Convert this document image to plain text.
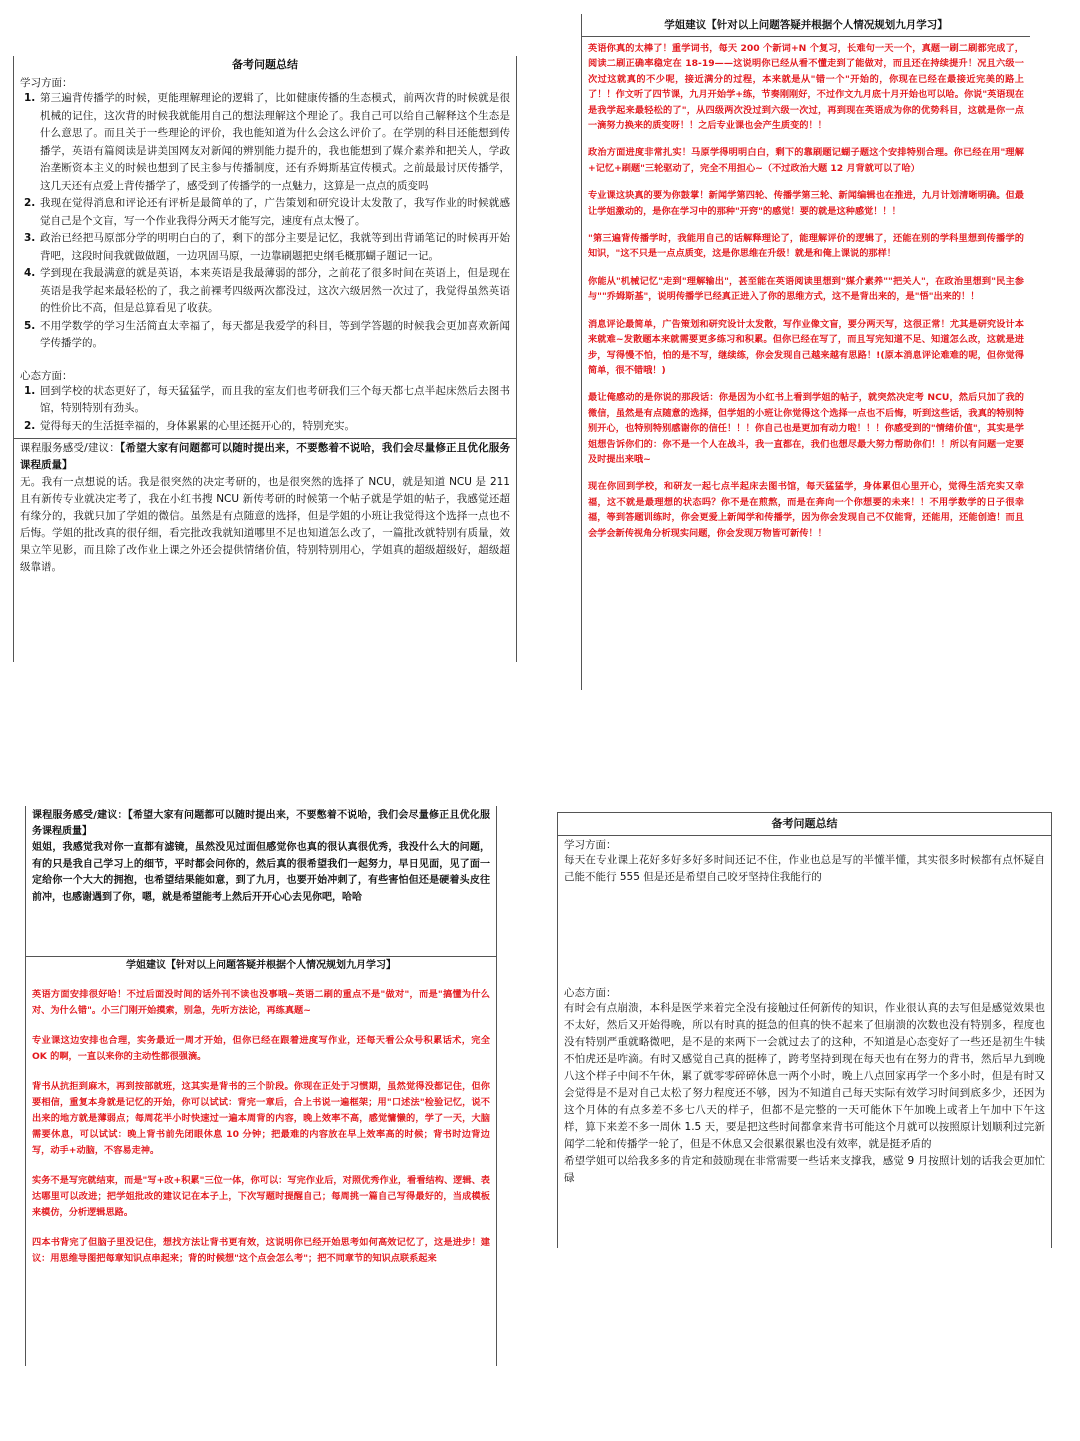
备考问题总结
学习方面：
1. 第三遍背传播学的时候，更能理解理论的逻辑了，比如健康传播的生态模式，前两次背的时候就是很机械的记住，这次背的时候我就能用自己的想法理解这个理论了。我自己可以给自己解释这个生态是什么意思了。而且关于一些理论的评价，我也能知道为什么会这么评价了。在学别的科目还能想到传播学，英语有篇阅读是讲美国网友对新闻的辨别能力提升的，我也能想到了媒介素养和把关人，学政治垄断资本主义的时候也想到了民主参与传播制度，还有乔姆斯基宣传模式。之前最最讨厌传播学，这几天还有点爱上背传播学了，感受到了传播学的一点魅力，这算是一点点的质变吗
2. 我现在觉得消息和评论还有评析是最简单的了，广告策划和研究设计太发散了，我写作业的时候就感觉自己是个文盲，写一个作业我得分两天才能写完，速度有点太慢了。
3. 政治已经把马原部分学的明明白白的了，剩下的部分主要是记忆，我就等到出背诵笔记的时候再开始背吧，这段时间我就做做题，一边巩固马原，一边靠刷题把史纲毛概那蝴子题记一记。
4. 学到现在我最满意的就是英语，本来英语是我最薄弱的部分，之前花了很多时间在英语上，但是现在英语是我学起来最轻松的了，我之前裸考四级两次都没过，这次六级居然一次过了，我觉得虽然英语的性价比不高，但是总算看见了收获。
5. 不用学数学的学习生活简直太幸福了，每天都是我爱学的科目，等到学答题的时候我会更加喜欢新闻学传播学的。
心态方面：
1. 回到学校的状态更好了，每天猛猛学，而且我的室友们也考研我们三个每天都七点半起床然后去图书馆，特别特别有劲头。
2. 觉得每天的生活挺幸福的，身体累累的心里还挺开心的，特别充实。

课程服务感受/建议：【希望大家有问题都可以随时提出来，不要憋着不说哈，我们会尽量修正且优化服务课程质量】

无。我有一点想说的话。我是很突然的决定考研的，也是很突然的选择了 NCU，就是知道 NCU 是 211 且有新传专业就决定考了，我在小红书搜 NCU 新传考研的时候第一个帖子就是学姐的帖子，我感觉还超有缘分的，我就只加了学姐的微信。虽然是有点随意的选择，但是学姐的小班让我觉得这个选择一点也不后悔。学姐的批改真的很仔细，看完批改我就知道哪里不足也知道怎么改了，一篇批改就特别有质量，效果立竿见影，而且除了改作业上课之外还会提供情绪价值，特别特别用心，学姐真的超级超级好，超级超级靠谱。

学姐建议【针对以上问题答疑并根据个人情况规划九月学习】

英语你真的太棒了！重学词书，每天 200 个新词+N 个复习，长难句一天一个，真题一刷二刷都完成了，阅读二刷正确率稳定在 18-19——这说明你已经从看不懂走到了能做对，而且还在持续提升！况且六级一次过这就真的不少呢，接近满分的过程，本来就是从"错一个"开始的，你现在已经在最接近完美的路上了！！作文听了四节课，九月开始学+练，节奏刚刚好，不过作文九月底十月开始也可以哈。你说"英语现在是我学起来最轻松的了"，从四级两次没过到六级一次过，再到现在英语成为你的优势科目，这就是你一点一滴努力换来的质变呀！！之后专业课也会产生质变的！！

政治方面进度非常扎实！马原学得明明白白，剩下的靠刷题记蝴子题这个安排特别合理。你已经在用"理解+记忆+刷题"三轮驱动了，完全不用担心~（不过政治大题 12 月背就可以了哈）

专业课这块真的要为你鼓掌！新闻学第四轮、传播学第三轮、新闻编辑也在推进，九月计划清晰明确。但最让学姐激动的，是你在学习中的那种"开窍"的感觉！要的就是这种感觉！！！

"第三遍背传播学时，我能用自己的话解释理论了，能理解评价的逻辑了，还能在别的学科里想到传播学的知识，"这不只是一点点质变，这是你思维在升级！就是和俺上课说的那样！

你能从"机械记忆"走到"理解输出"，甚至能在英语阅读里想到"媒介素养""把关人"，在政治里想到"民主参与""乔姆斯基"，说明传播学已经真正进入了你的思维方式，这不是背出来的，是"悟"出来的！！

消息评论最简单，广告策划和研究设计太发散，写作业像文盲，要分两天写，这很正常！尤其是研究设计本来就难~发散题本来就需要更多练习和积累。但你已经在写了，而且写完知道不足、知道怎么改，这就是进步，写得慢不怕，怕的是不写，继续练，你会发现自己越来越有思路！!(原本消息评论难难的呢，但你觉得简单，很不错哦！)

最让俺感动的是你说的那段话：你是因为小红书上看到学姐的帖子，就突然决定考 NCU，然后只加了我的微信，虽然是有点随意的选择，但学姐的小班让你觉得这个选择一点也不后悔，听到这些话，我真的特别特别开心，也特别特别感谢你的信任！！！你自己也是更加有动力啦！！！你感受到的"情绪价值"，其实是学姐想告诉你们的：你不是一个人在战斗，我一直都在，我们也想尽最大努力帮助你们！！所以有问题一定要及时提出来哦~

现在你回到学校，和研友一起七点半起床去图书馆，每天猛猛学，身体累但心里开心，觉得生活充实又幸福，这不就是最理想的状态吗？你不是在煎熬，而是在奔向一个你想要的未来！！不用学数学的日子很幸福，等到答题训练时，你会更爱上新闻学和传播学，因为你会发现自己不仅能背，还能用，还能创造！而且会学会新传视角分析现实问题，你会发现万物皆可新传！！

课程服务感受/建议：【希望大家有问题都可以随时提出来，不要憋着不说哈，我们会尽量修正且优化服务课程质量】

姐姐，我感觉我对你一直都有滤镜，虽然没见过面但感觉你也真的很认真很优秀，我没什么大的问题，有的只是我自己学习上的细节，平时都会问你的，然后真的很希望我们一起努力，早日见面，见了面一定给你一个大大的拥抱，也希望结果能如意，到了九月，也要开始冲刺了，有些害怕但还是硬着头皮往前冲，也感谢遇到了你，嗯，就是希望能考上然后开开心心去见你吧，哈哈

学姐建议【针对以上问题答疑并根据个人情况规划九月学习】

英语方面安排很好哈！不过后面没时间的话外刊不读也没事哦~英语二刷的重点不是"做对"，而是"搞懂为什么对、为什么错"。小三门刚开始摸索，别急，先听方法论，再练真题~

专业课这边安排也合理，实务最近一周才开始，但你已经在跟着进度写作业，还每天看公众号积累话术，完全 OK 的啊，一直以来你的主动性都很强滴。

背书从抗拒到麻木，再到按部就班，这其实是背书的三个阶段。你现在正处于习惯期，虽然觉得没都记住，但你要相信，重复本身就是记忆的开始，你可以试试：背完一章后，合上书说一遍框架；用"口述法"检验记忆，说不出来的地方就是薄弱点；每周花半小时快速过一遍本周背的内容，晚上效率不高，感觉慵懒的，学了一天，大脑需要休息，可以试试：晚上背书前先闭眼休息 10 分钟；把最难的内容放在早上效率高的时候；背书时边背边写，动手+动脑，不容易走神。

实务不是写完就结束，而是"写+改+积累"三位一体，你可以：写完作业后，对照优秀作业，看看结构、逻辑、表达哪里可以改进；把学姐批改的建议记在本子上，下次写题时提醒自己；每周挑一篇自己写得最好的，当成模板来模仿，分析逻辑思路。

四本书背完了但脑子里没记住，想找方法让背书更有效，这说明你已经开始思考如何高效记忆了，这是进步！建议：用思维导图把每章知识点串起来；背的时候想"这个点会怎么考"；把不同章节的知识点联系起来

备考问题总结
学习方面：

每天在专业课上花好多好多好多时间还记不住，作业也总是写的半懂半懂，其实很多时候都有点怀疑自己能不能行 555 但是还是希望自己咬牙坚持住我能行的

心态方面：

有时会有点崩溃，本科是医学来着完全没有接触过任何新传的知识，作业很认真的去写但是感觉效果也不太好，然后又开始得晚，所以有时真的挺急的但真的快不起来了但崩溃的次数也没有特别多，程度也没有特别严重就略微吧，是不是的来两下一会就过去了的这种，不知道是心态变好了一些还是初生牛犊不怕虎还是咋滴。有时又感觉自己真的挺棒了，跨考坚持到现在每天也有在努力的背书，然后早九到晚八这个样子中间不午休，累了就零零碎碎休息一两个小时，晚上八点回家再学一个多小时，但是有时又会觉得是不是对自己太松了努力程度还不够，因为不知道自己每天实际有效学习时间到底多少，还因为这个月体的有点多差不多七八天的样子，但都不是完整的一天可能休下午加晚上或者上午加中下午这样，算下来差不多一周休 1.5 天，要是把这些时间都拿来背书可能这个月就可以按照原计划顺利过完新闻学二轮和传播学一轮了，但是不休息又会很累很累也没有效率，就是挺矛盾的

希望学姐可以给我多多的肯定和鼓励现在非常需要一些话来支撑我，感觉 9 月按照计划的话我会更加忙碌
